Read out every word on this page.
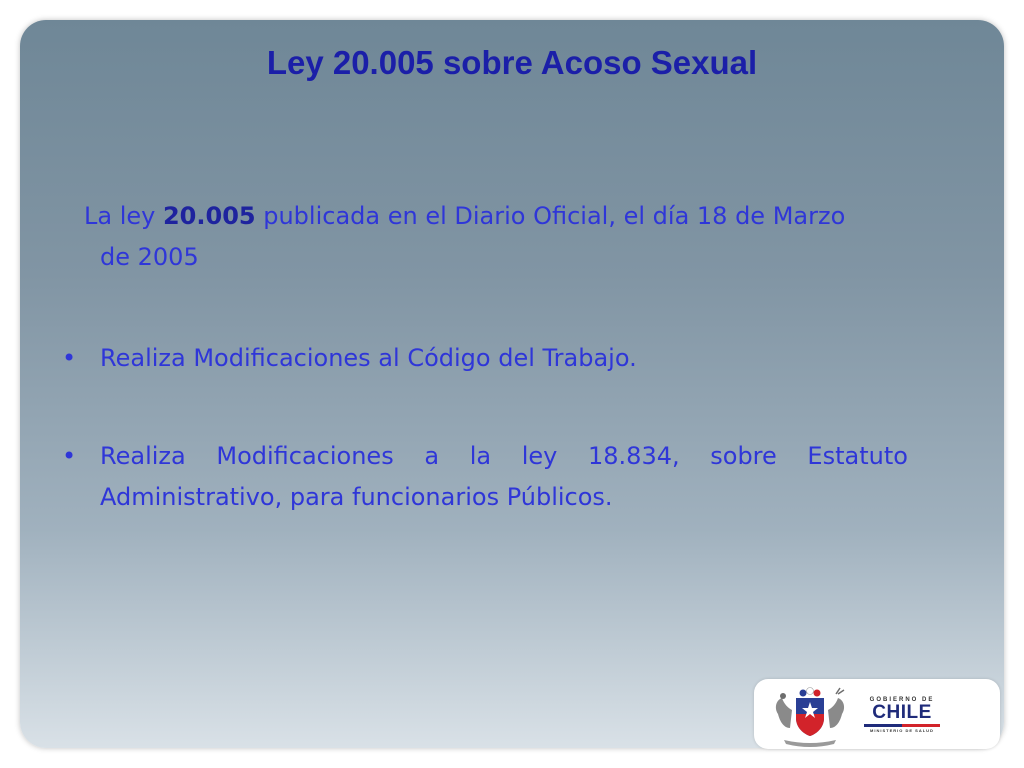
Ley 20.005 sobre Acoso Sexual
La ley 20.005 publicada en el Diario Oficial, el día 18 de Marzo
de 2005
• Realiza Modificaciones al Código del Trabajo.
• Realiza Modificaciones a la ley 18.834, sobre Estatuto
Administrativo, para funcionarios Públicos.
GOBIERNO DE
CHILE
MINISTERIO DE SALUD
